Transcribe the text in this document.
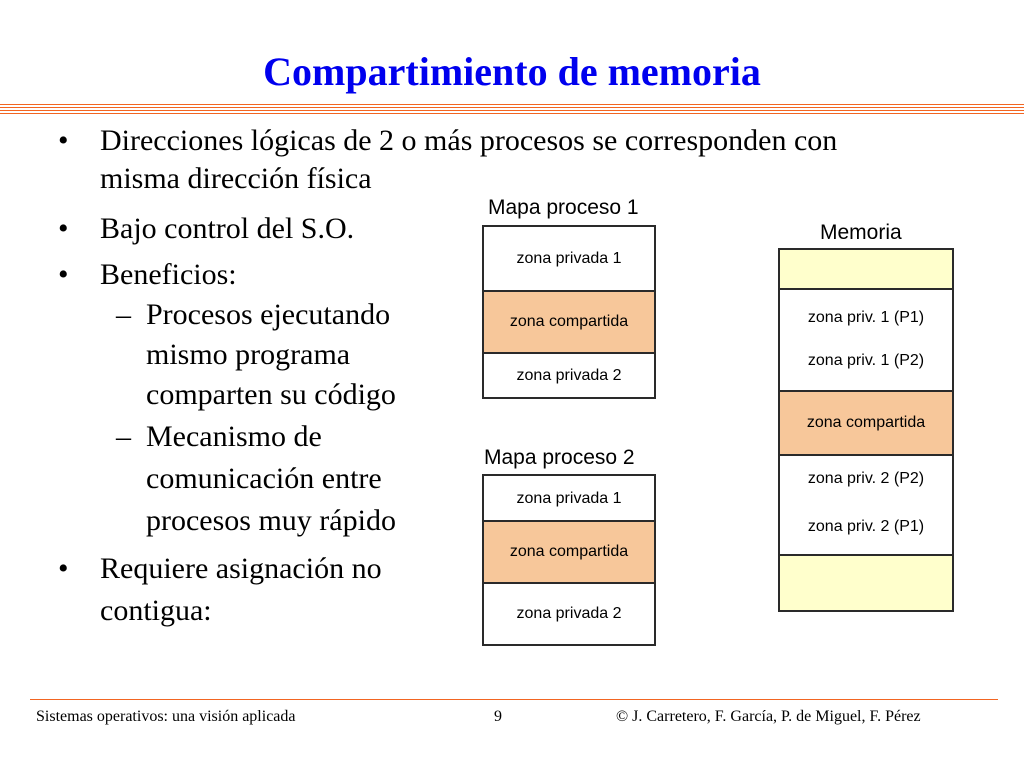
Compartimiento de memoria
•	Direcciones lógicas de 2 o más procesos se corresponden con
misma dirección física
•	Bajo control del S.O.
•	Beneficios:
– Procesos ejecutando
mismo programa
comparten su código
– Mecanismo de
comunicación entre
procesos muy rápido
•	Requiere asignación no
contigua:
Mapa proceso 1
zona privada 1
zona compartida
zona privada 2
Mapa proceso 2
zona privada 1
zona compartida
zona privada 2
Memoria
zona priv. 1 (P1)
zona priv. 1 (P2)
zona compartida
zona priv. 2 (P2)
zona priv. 2 (P1)
Sistemas operativos: una visión aplicada	9	© J. Carretero, F. García, P. de Miguel, F. Pérez
